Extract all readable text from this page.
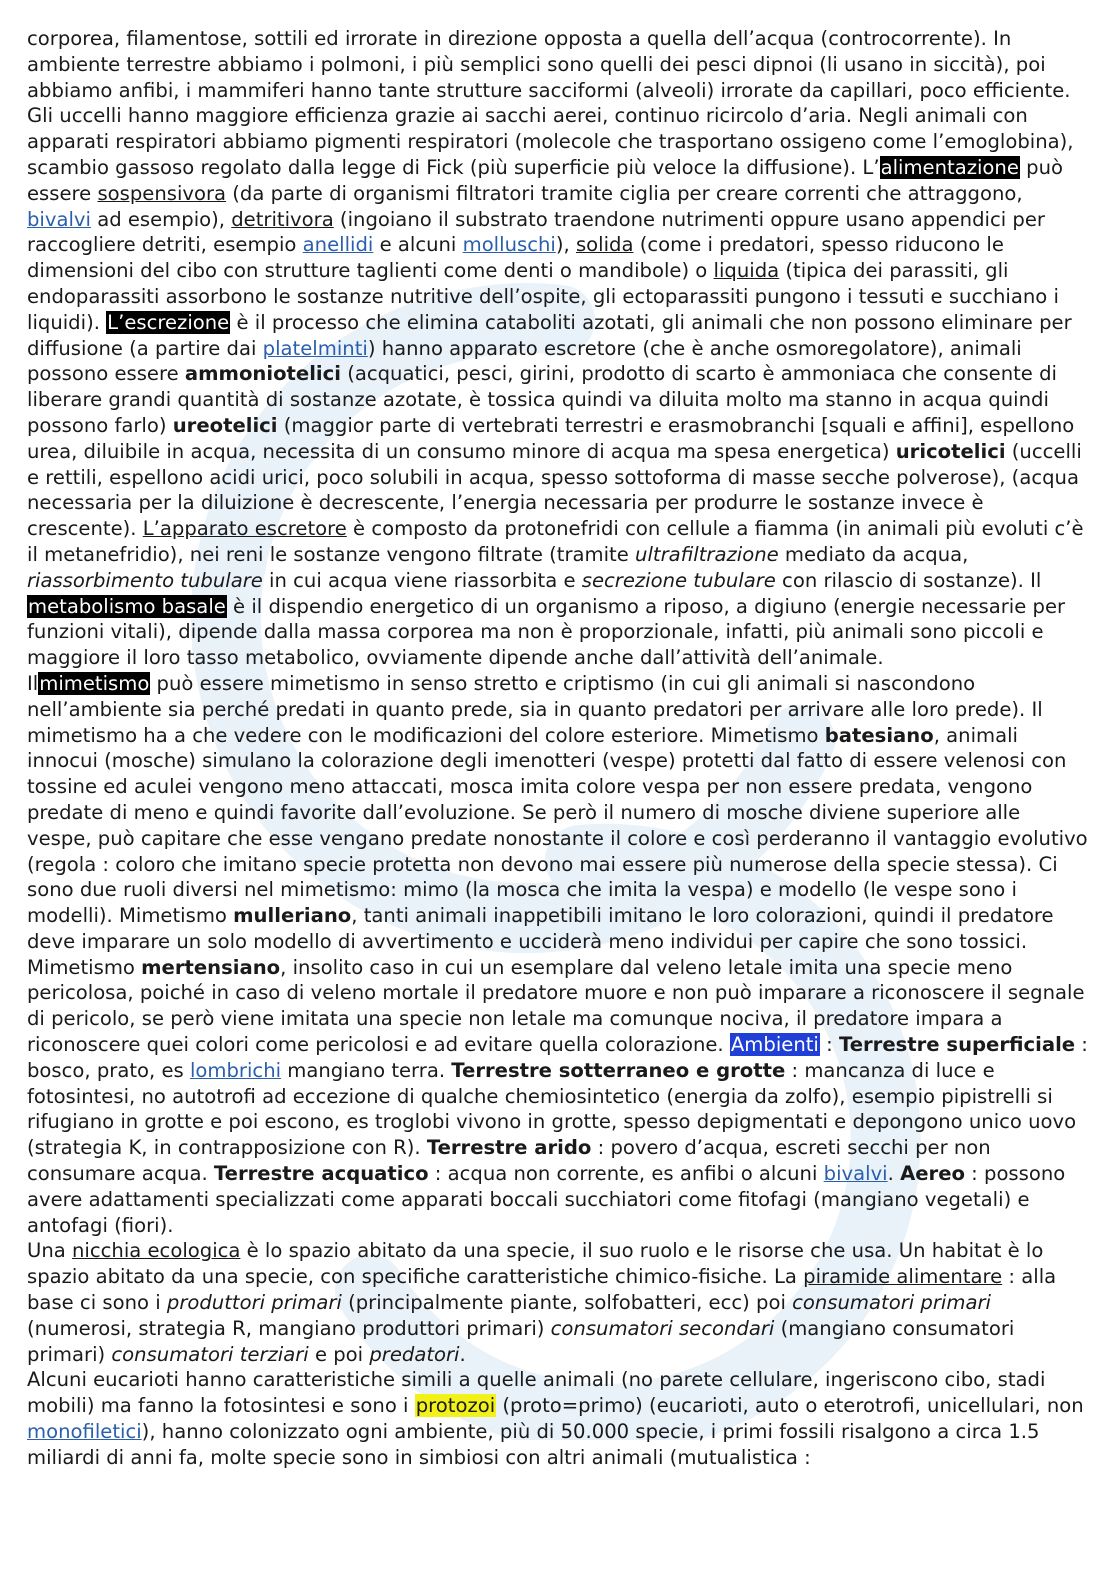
corporea, filamentose, sottili ed irrorate in direzione opposta a quella dell’acqua (controcorrente). In ambiente terrestre abbiamo i polmoni, i più semplici sono quelli dei pesci dipnoi (li usano in siccità), poi abbiamo anfibi, i mammiferi hanno tante strutture sacciformi (alveoli) irrorate da capillari, poco efficiente. Gli uccelli hanno maggiore efficienza grazie ai sacchi aerei, continuo ricircolo d’aria. Negli animali con apparati respiratori abbiamo pigmenti respiratori (molecole che trasportano ossigeno come l’emoglobina), scambio gassoso regolato dalla legge di Fick (più superficie più veloce la diffusione). L’alimentazione può essere sospensivora (da parte di organismi filtratori tramite ciglia per creare correnti che attraggono, bivalvi ad esempio), detritivora (ingoiano il substrato traendone nutrimenti oppure usano appendici per raccogliere detriti, esempio anellidi e alcuni molluschi), solida (come i predatori, spesso riducono le dimensioni del cibo con strutture taglienti come denti o mandibole) o liquida (tipica dei parassiti, gli endoparassiti assorbono le sostanze nutritive dell’ospite, gli ectoparassiti pungono i tessuti e succhiano i liquidi). L’escrezione è il processo che elimina cataboliti azotati, gli animali che non possono eliminare per diffusione (a partire dai platelminti) hanno apparato escretore (che è anche osmoregolatore), animali possono essere ammoniotelici (acquatici, pesci, girini, prodotto di scarto è ammoniaca che consente di liberare grandi quantità di sostanze azotate, è tossica quindi va diluita molto ma stanno in acqua quindi possono farlo) ureotelici (maggior parte di vertebrati terrestri e erasmobranchi [squali e affini], espellono urea, diluibile in acqua, necessita di un consumo minore di acqua ma spesa energetica) uricotelici (uccelli e rettili, espellono acidi urici, poco solubili in acqua, spesso sottoforma di masse secche polverose), (acqua necessaria per la diluizione è decrescente, l’energia necessaria per produrre le sostanze invece è crescente). L’apparato escretore è composto da protonefridi con cellule a fiamma (in animali più evoluti c’è il metanefridio), nei reni le sostanze vengono filtrate (tramite ultrafiltrazione mediato da acqua, riassorbimento tubulare in cui acqua viene riassorbita e secrezione tubulare con rilascio di sostanze). Il metabolismo basale è il dispendio energetico di un organismo a riposo, a digiuno (energie necessarie per funzioni vitali), dipende dalla massa corporea ma non è proporzionale, infatti, più animali sono piccoli e maggiore il loro tasso metabolico, ovviamente dipende anche dall’attività dell’animale.

Ilmimetismo può essere mimetismo in senso stretto e criptismo (in cui gli animali si nascondono nell’ambiente sia perché predati in quanto prede, sia in quanto predatori per arrivare alle loro prede). Il mimetismo ha a che vedere con le modificazioni del colore esteriore. Mimetismo batesiano, animali innocui (mosche) simulano la colorazione degli imenotteri (vespe) protetti dal fatto di essere velenosi con tossine ed aculei vengono meno attaccati, mosca imita colore vespa per non essere predata, vengono predate di meno e quindi favorite dall’evoluzione. Se però il numero di mosche diviene superiore alle vespe, può capitare che esse vengano predate nonostante il colore e così perderanno il vantaggio evolutivo (regola : coloro che imitano specie protetta non devono mai essere più numerose della specie stessa). Ci sono due ruoli diversi nel mimetismo: mimo (la mosca che imita la vespa) e modello (le vespe sono i modelli). Mimetismo mulleriano, tanti animali inappetibili imitano le loro colorazioni, quindi il predatore deve imparare un solo modello di avvertimento e ucciderà meno individui per capire che sono tossici. Mimetismo mertensiano, insolito caso in cui un esemplare dal veleno letale imita una specie meno pericolosa, poiché in caso di veleno mortale il predatore muore e non può imparare a riconoscere il segnale di pericolo, se però viene imitata una specie non letale ma comunque nociva, il predatore impara a riconoscere quei colori come pericolosi e ad evitare quella colorazione. Ambienti : Terrestre superficiale : bosco, prato, es lombrichi mangiano terra. Terrestre sotterraneo e grotte : mancanza di luce e fotosintesi, no autotrofi ad eccezione di qualche chemiosintetico (energia da zolfo), esempio pipistrelli si rifugiano in grotte e poi escono, es troglobi vivono in grotte, spesso depigmentati e depongono unico uovo (strategia K, in contrapposizione con R). Terrestre arido : povero d’acqua, escreti secchi per non consumare acqua. Terrestre acquatico : acqua non corrente, es anfibi o alcuni bivalvi. Aereo : possono avere adattamenti specializzati come apparati boccali succhiatori come fitofagi (mangiano vegetali) e antofagi (fiori).

Una nicchia ecologica è lo spazio abitato da una specie, il suo ruolo e le risorse che usa. Un habitat è lo spazio abitato da una specie, con specifiche caratteristiche chimico-fisiche. La piramide alimentare : alla base ci sono i produttori primari (principalmente piante, solfobatteri, ecc) poi consumatori primari (numerosi, strategia R, mangiano produttori primari) consumatori secondari (mangiano consumatori primari) consumatori terziari e poi predatori.

Alcuni eucarioti hanno caratteristiche simili a quelle animali (no parete cellulare, ingeriscono cibo, stadi mobili) ma fanno la fotosintesi e sono i protozoi (proto=primo) (eucarioti, auto o eterotrofi, unicellulari, non monofiletici), hanno colonizzato ogni ambiente, più di 50.000 specie, i primi fossili risalgono a circa 1.5 miliardi di anni fa, molte specie sono in simbiosi con altri animali (mutualistica :
